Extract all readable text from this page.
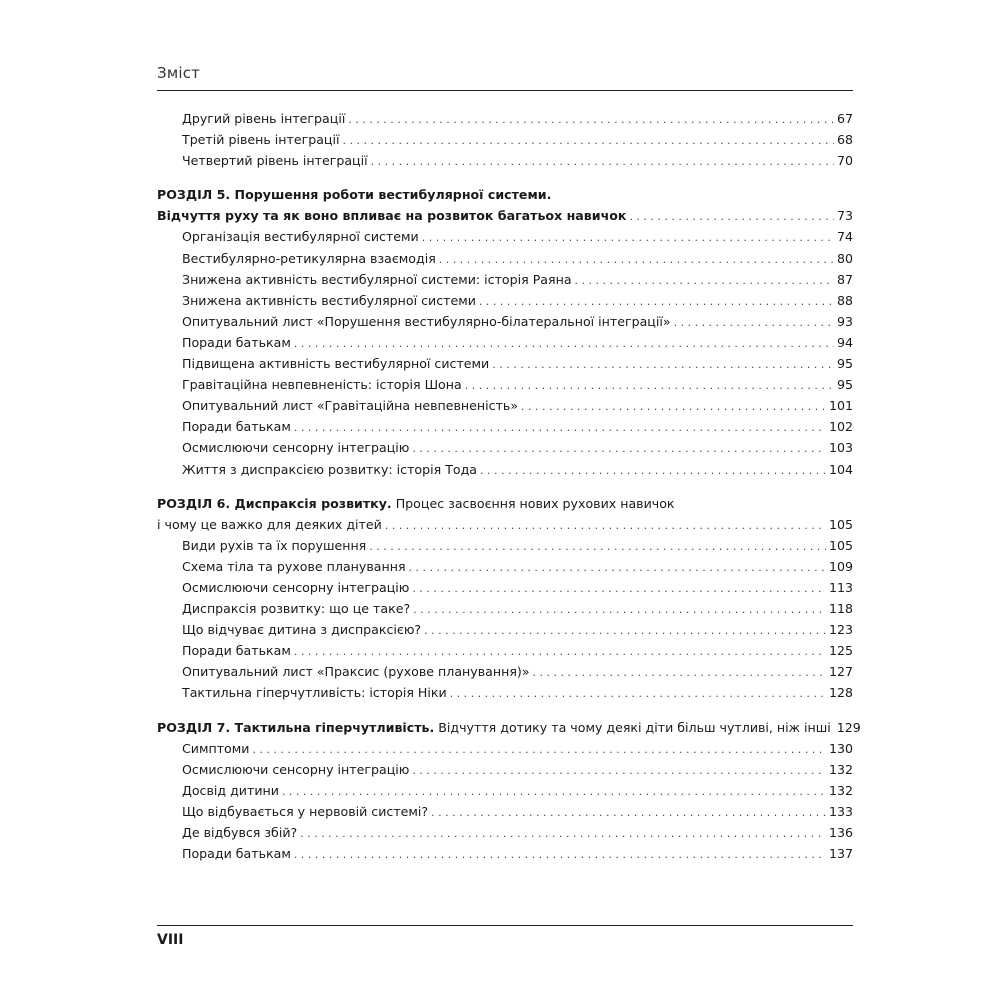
Зміст
Другий рівень інтеграції . . .	67
Третій рівень інтеграції . . .	68
Четвертий рівень інтеграції . . .	70
РОЗДІЛ 5. Порушення роботи вестибулярної системи.
Відчуття руху та як воно впливає на розвиток багатьох навичок . . .	73
Організація вестибулярної системи . . .	74
Вестибулярно-ретикулярна взаємодія . . .	80
Знижена активність вестибулярної системи: історія Раяна . . .	87
Знижена активність вестибулярної системи . . .	88
Опитувальний лист «Порушення вестибулярно-білатеральної інтеграції» . . .	93
Поради батькам . . .	94
Підвищена активність вестибулярної системи . . .	95
Гравітаційна невпевненість: історія Шона . . .	95
Опитувальний лист «Гравітаційна невпевненість» . . .	101
Поради батькам . . .	102
Осмислюючи сенсорну інтеграцію . . .	103
Життя з диспраксією розвитку: історія Тода . . .	104
РОЗДІЛ 6. Диспраксія розвитку. Процес засвоєння нових рухових навичок
і чому це важко для деяких дітей . . .	105
Види рухів та їх порушення . . .	105
Схема тіла та рухове планування . . .	109
Осмислюючи сенсорну інтеграцію . . .	113
Диспраксія розвитку: що це таке? . . .	118
Що відчуває дитина з диспраксією? . . .	123
Поради батькам . . .	125
Опитувальний лист «Праксис (рухове планування)» . . .	127
Тактильна гіперчутливість: історія Ніки . . .	128
РОЗДІЛ 7. Тактильна гіперчутливість. Відчуття дотику та чому деякі діти більш чутливі, ніж інші 129
Симптоми . . .	130
Осмислюючи сенсорну інтеграцію . . .	132
Досвід дитини . . .	132
Що відбувається у нервовій системі? . . .	133
Де відбувся збій? . . .	136
Поради батькам . . .	137
VIII
